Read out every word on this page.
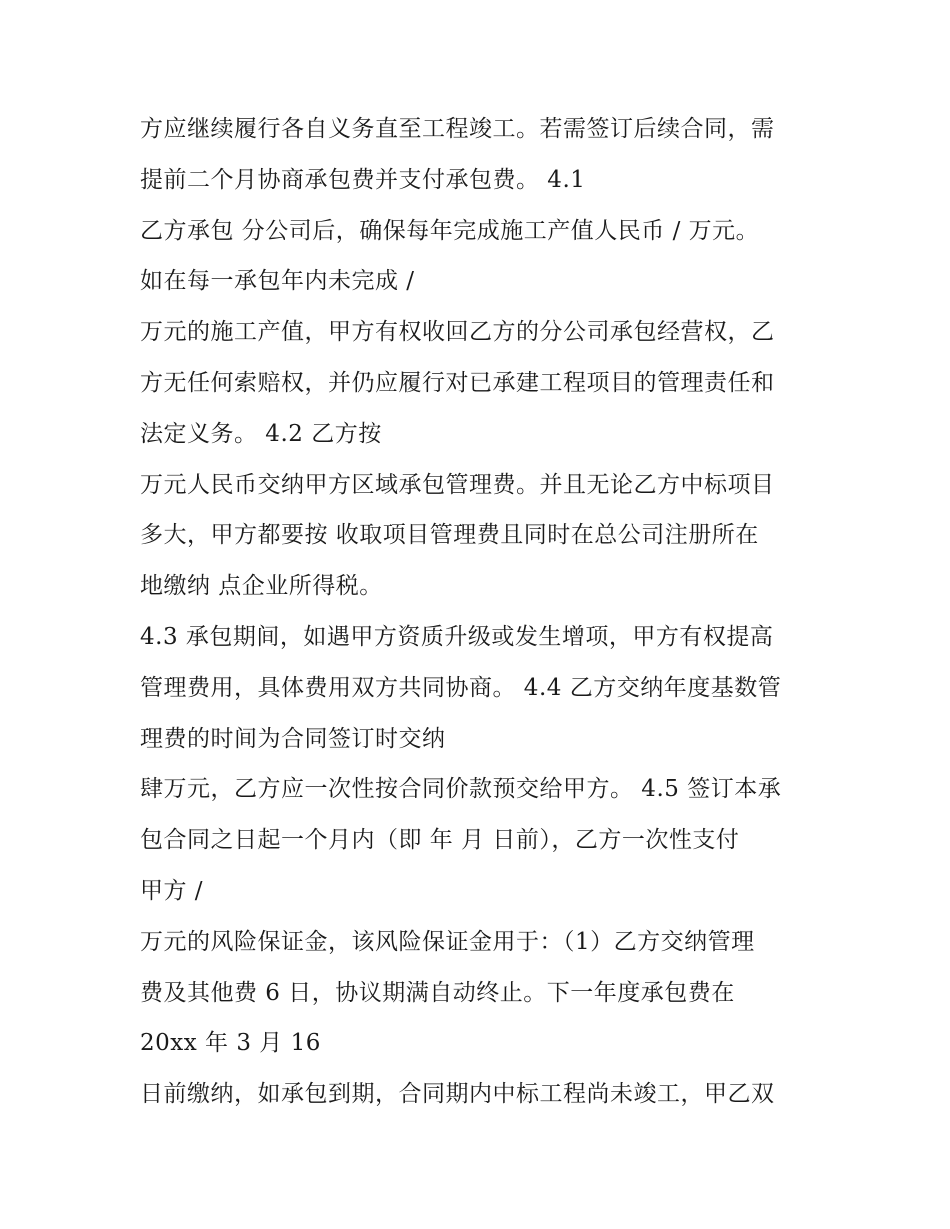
方应继续履行各自义务直至工程竣工。若需签订后续合同，需
提前二个月协商承包费并支付承包费。 4.1
乙方承包 分公司后，确保每年完成施工产值人民币 / 万元。
如在每一承包年内未完成 /
万元的施工产值，甲方有权收回乙方的分公司承包经营权，乙
方无任何索赔权，并仍应履行对已承建工程项目的管理责任和
法定义务。 4.2 乙方按
万元人民币交纳甲方区域承包管理费。并且无论乙方中标项目
多大，甲方都要按 收取项目管理费且同时在总公司注册所在
地缴纳 点企业所得税。
4.3 承包期间，如遇甲方资质升级或发生增项，甲方有权提高
管理费用，具体费用双方共同协商。 4.4 乙方交纳年度基数管
理费的时间为合同签订时交纳
肆万元，乙方应一次性按合同价款预交给甲方。 4.5 签订本承
包合同之日起一个月内（即 年 月 日前），乙方一次性支付
甲方 /
万元的风险保证金，该风险保证金用于：（1）乙方交纳管理
费及其他费 6 日，协议期满自动终止。下一年度承包费在
20xx 年 3 月 16
日前缴纳，如承包到期，合同期内中标工程尚未竣工，甲乙双
